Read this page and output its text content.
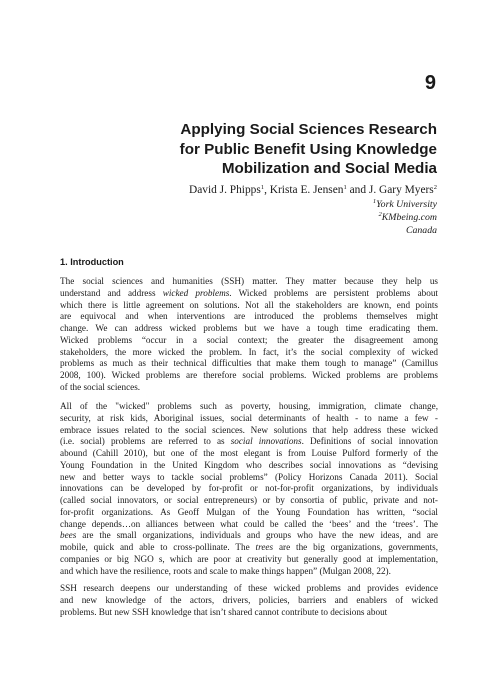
9
Applying Social Sciences Research
for Public Benefit Using Knowledge
Mobilization and Social Media

David J. Phipps$^1$, Krista E. Jensen$^1$ and J. Gary Myers$^2$

$^1$York University

$^2$KMbeing.com

Canada

1. Introduction
The social sciences and humanities (SSH) matter. They matter because they help us
understand and address wicked problems. Wicked problems are persistent problems about
which there is little agreement on solutions. Not all the stakeholders are known, end points
are equivocal and when interventions are introduced the problems themselves might
change. We can address wicked problems but we have a tough time eradicating them.
Wicked problems “occur in a social context; the greater the disagreement among
stakeholders, the more wicked the problem. In fact, it’s the social complexity of wicked
problems as much as their technical difficulties that make them tough to manage” (Camillus
2008, 100). Wicked problems are therefore social problems. Wicked problems are problems
of the social sciences.
All of the "wicked" problems such as poverty, housing, immigration, climate change,
security, at risk kids, Aboriginal issues, social determinants of health - to name a few -
embrace issues related to the social sciences. New solutions that help address these wicked
(i.e. social) problems are referred to as social innovations. Definitions of social innovation
abound (Cahill 2010), but one of the most elegant is from Louise Pulford formerly of the
Young Foundation in the United Kingdom who describes social innovations as “devising
new and better ways to tackle social problems” (Policy Horizons Canada 2011). Social
innovations can be developed by for-profit or not-for-profit organizations, by individuals
(called social innovators, or social entrepreneurs) or by consortia of public, private and not-
for-profit organizations. As Geoff Mulgan of the Young Foundation has written, “social
change depends…on alliances between what could be called the ‘bees’ and the ‘trees’. The
bees are the small organizations, individuals and groups who have the new ideas, and are
mobile, quick and able to cross-pollinate. The trees are the big organizations, governments,
companies or big NGO s, which are poor at creativity but generally good at implementation,
and which have the resilience, roots and scale to make things happen” (Mulgan 2008, 22).
SSH research deepens our understanding of these wicked problems and provides evidence
and new knowledge of the actors, drivers, policies, barriers and enablers of wicked
problems. But new SSH knowledge that isn’t shared cannot contribute to decisions about
